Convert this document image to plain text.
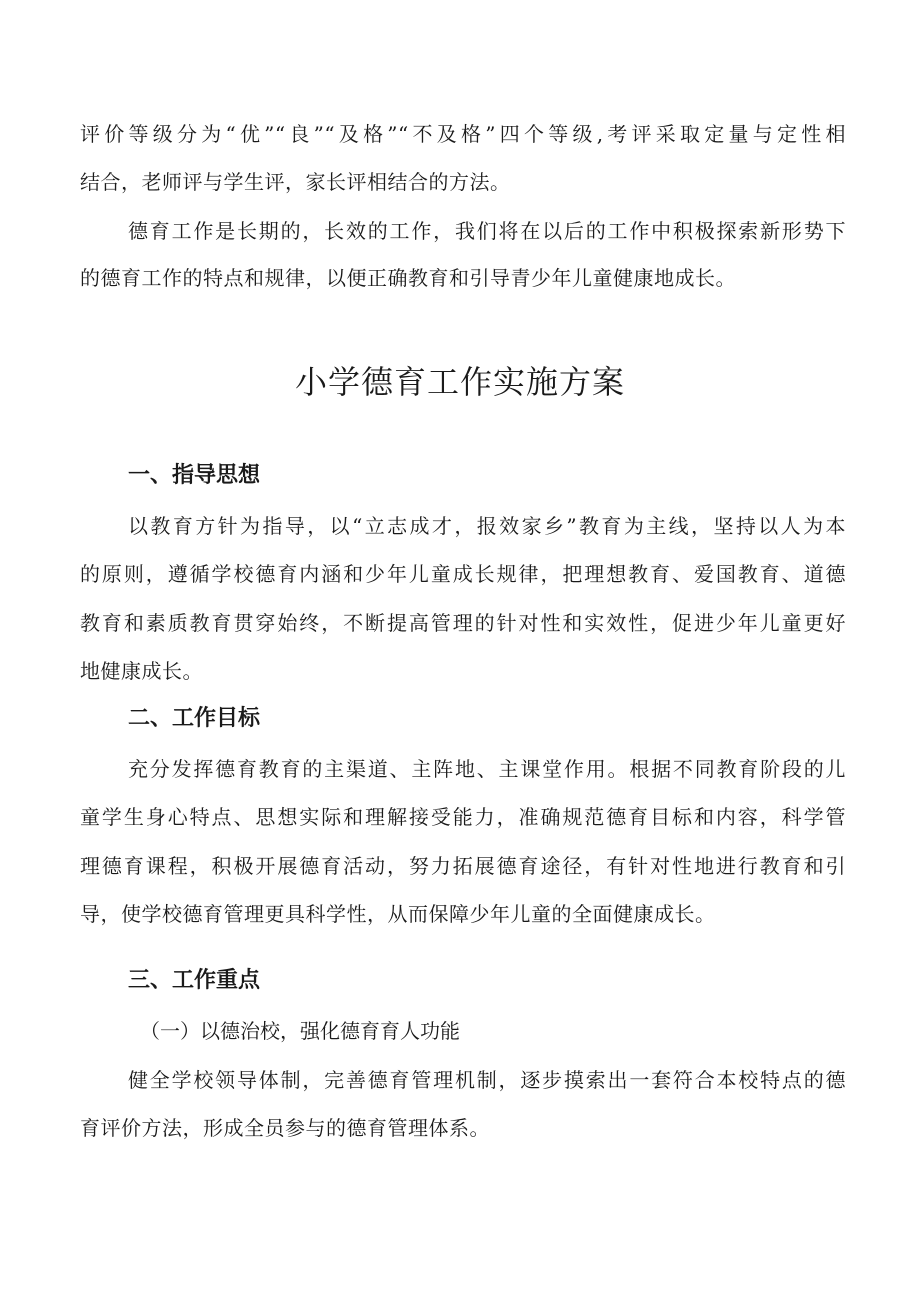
评价等级分为“优”“良”“及格”“不及格”四个等级,考评采取定量与定性相
结合，老师评与学生评，家长评相结合的方法。
德育工作是长期的，长效的工作，我们将在以后的工作中积极探索新形势下
的德育工作的特点和规律，以便正确教育和引导青少年儿童健康地成长。
小学德育工作实施方案
一、指导思想
以教育方针为指导，以“立志成才，报效家乡”教育为主线，坚持以人为本
的原则，遵循学校德育内涵和少年儿童成长规律，把理想教育、爱国教育、道德
教育和素质教育贯穿始终，不断提高管理的针对性和实效性，促进少年儿童更好
地健康成长。
二、工作目标
充分发挥德育教育的主渠道、主阵地、主课堂作用。根据不同教育阶段的儿
童学生身心特点、思想实际和理解接受能力，准确规范德育目标和内容，科学管
理德育课程，积极开展德育活动，努力拓展德育途径，有针对性地进行教育和引
导，使学校德育管理更具科学性，从而保障少年儿童的全面健康成长。
三、工作重点
（一）以德治校，强化德育育人功能
健全学校领导体制，完善德育管理机制，逐步摸索出一套符合本校特点的德
育评价方法，形成全员参与的德育管理体系。
